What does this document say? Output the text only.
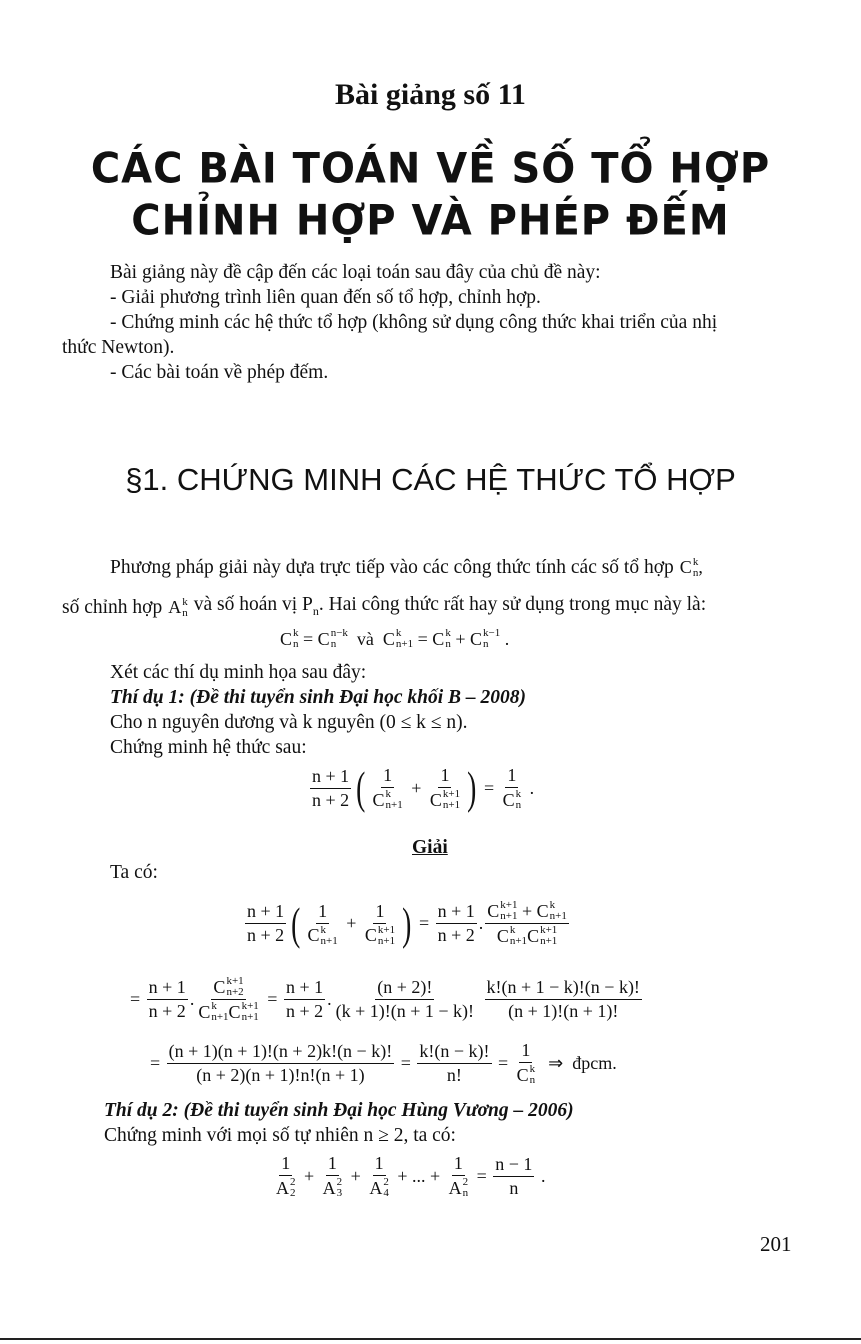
Bài giảng số 11
CÁC BÀI TOÁN VỀ SỐ TỔ HỢP
CHỈNH HỢP VÀ PHÉP ĐẾM
Bài giảng này đề cập đến các loại toán sau đây của chủ đề này:
- Giải phương trình liên quan đến số tổ hợp, chỉnh hợp.
- Chứng minh các hệ thức tổ hợp (không sử dụng công thức khai triển của nhị
thức Newton).
- Các bài toán về phép đếm.
§1. CHỨNG MINH CÁC HỆ THỨC TỔ HỢP
Phương pháp giải này dựa trực tiếp vào các công thức tính các số tổ hợp C k
n ,
số chỉnh hợp A k
n và số hoán vị $P_n$. Hai công thức rất hay sử dụng trong mục này là:
C k
n = C n−k
n và C k
n+1 = C k
n + C k−1
n .
Xét các thí dụ minh họa sau đây:
Thí dụ 1: (Đề thi tuyển sinh Đại học khối B – 2008)
Cho n nguyên dương và k nguyên (0 ≤ k ≤ n).
Chứng minh hệ thức sau:
$\frac{n + 1}{n + 2}$ ( 1
C k
n+1
+ 1
C k+1
n+1 ) =
1
C k
n
.
Giải
Ta có:
$\frac{n + 1}{n + 2}$ ( 1
C k
n+1
+ 1
C k+1
n+1 ) = $\frac{n + 1}{n + 2}$ .
C k+1
n+1 + C k
n+1
C k
n+1 C k+1
n+1
= $\frac{n + 1}{n + 2}$ .
C k+1
n+2
C k
n+1 C k+1
n+1
= $\frac{n + 1}{n + 2}$ . $\frac{(n + 2)!}{(k + 1)!(n + 1 - k)!}$
$\frac{k!(n + 1 - k)!(n - k)!}{(n + 1)!(n + 1)!}$
= $\frac{(n + 1)(n + 1)!(n + 2)k!(n - k)!}{(n + 2)(n + 1)!n!(n + 1)} = \frac{k!(n - k)!}{n!}$ =
1
C k
n
⇒  đpcm.
Thí dụ 2: (Đề thi tuyển sinh Đại học Hùng Vương – 2006)
Chứng minh với mọi số tự nhiên n ≥ 2, ta có:
1
A 2
2 + 1
A 2
3 + 1
A 2
4 + ... + 1
A 2
$n = \frac{n - 1}{n}$ .
201
